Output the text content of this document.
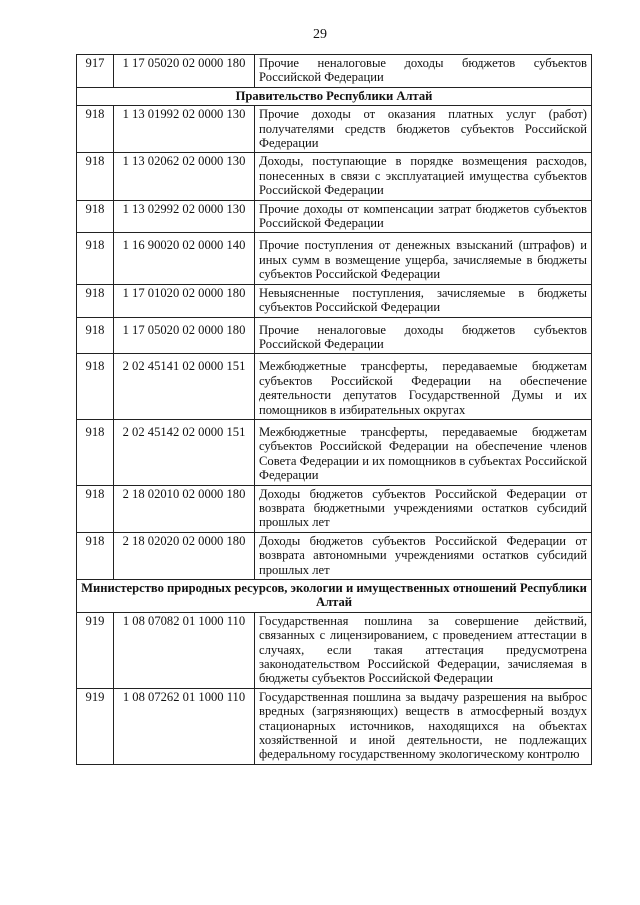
29
917	1 17 05020 02 0000 180	Прочие неналоговые доходы бюджетов субъектов Российской Федерации
Правительство Республики Алтай		
918	1 13 01992 02 0000 130	Прочие доходы от оказания платных услуг (работ) получателями средств бюджетов субъектов Российской Федерации
918	1 13 02062 02 0000 130	Доходы, поступающие в порядке возмещения расходов, понесенных в связи с эксплуатацией имущества субъектов Российской Федерации
918	1 13 02992 02 0000 130	Прочие доходы от компенсации затрат бюджетов субъектов Российской Федерации
918	1 16 90020 02 0000 140	Прочие поступления от денежных взысканий (штрафов) и иных сумм в возмещение ущерба, зачисляемые в бюджеты субъектов Российской Федерации
918	1 17 01020 02 0000 180	Невыясненные поступления, зачисляемые в бюджеты субъектов Российской Федерации
918	1 17 05020 02 0000 180	Прочие неналоговые доходы бюджетов субъектов Российской Федерации
918	2 02 45141 02 0000 151	Межбюджетные трансферты, передаваемые бюджетам субъектов Российской Федерации на обеспечение деятельности депутатов Государственной Думы и их помощников в избирательных округах
918	2 02 45142 02 0000 151	Межбюджетные трансферты, передаваемые бюджетам субъектов Российской Федерации на обеспечение членов Совета Федерации и их помощников в субъектах Российской Федерации
918	2 18 02010 02 0000 180	Доходы бюджетов субъектов Российской Федерации от возврата бюджетными учреждениями остатков субсидий прошлых лет
918	2 18 02020 02 0000 180	Доходы бюджетов субъектов Российской Федерации от возврата автономными учреждениями остатков субсидий прошлых лет
Министерство природных ресурсов, экологии и имущественных отношений Республики Алтай		
919	1 08 07082 01 1000 110	Государственная пошлина за совершение действий, связанных с лицензированием, с проведением аттестации в случаях, если такая аттестация предусмотрена законодательством Российской Федерации, зачисляемая в бюджеты субъектов Российской Федерации
919	1 08 07262 01 1000 110	Государственная пошлина за выдачу разрешения на выброс вредных (загрязняющих) веществ в атмосферный воздух стационарных источников, находящихся на объектах хозяйственной и иной деятельности, не подлежащих федеральному государственному экологическому контролю
